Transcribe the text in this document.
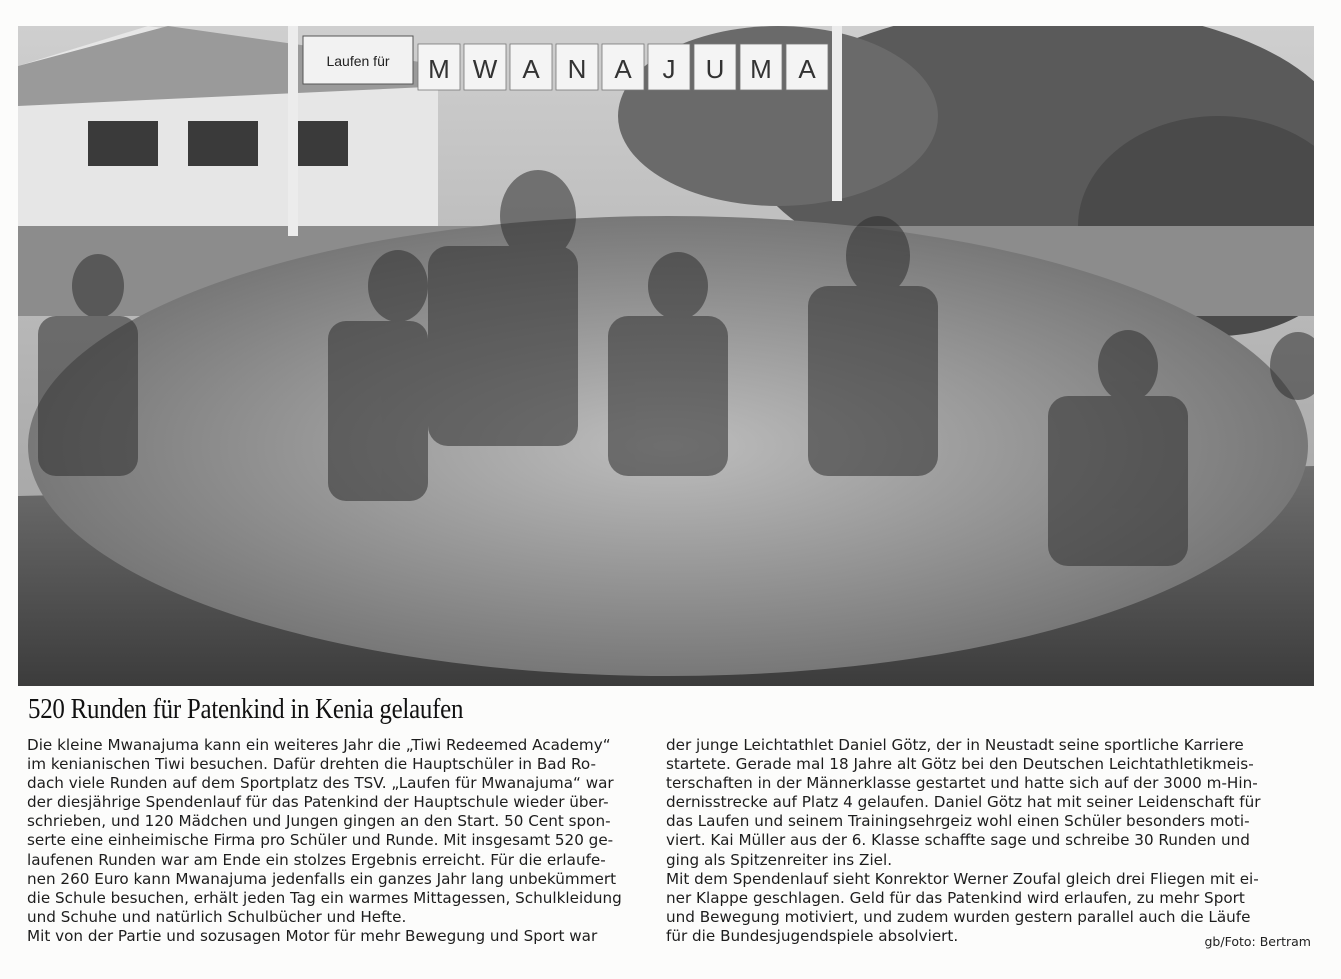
Laufen für M W A N A J U M A
520 Runden für Patenkind in Kenia gelaufen
Die kleine Mwanajuma kann ein weiteres Jahr die „Tiwi Redeemed Academy“
im kenianischen Tiwi besuchen. Dafür drehten die Hauptschüler in Bad Ro-
dach viele Runden auf dem Sportplatz des TSV. „Laufen für Mwanajuma“ war
der diesjährige Spendenlauf für das Patenkind der Hauptschule wieder über-
schrieben, und 120 Mädchen und Jungen gingen an den Start. 50 Cent spon-
serte eine einheimische Firma pro Schüler und Runde. Mit insgesamt 520 ge-
laufenen Runden war am Ende ein stolzes Ergebnis erreicht. Für die erlaufe-
nen 260 Euro kann Mwanajuma jedenfalls ein ganzes Jahr lang unbekümmert
die Schule besuchen, erhält jeden Tag ein warmes Mittagessen, Schulkleidung
und Schuhe und natürlich Schulbücher und Hefte.
Mit von der Partie und sozusagen Motor für mehr Bewegung und Sport war
der junge Leichtathlet Daniel Götz, der in Neustadt seine sportliche Karriere
startete. Gerade mal 18 Jahre alt Götz bei den Deutschen Leichtathletikmeis-
terschaften in der Männerklasse gestartet und hatte sich auf der 3000 m-Hin-
dernisstrecke auf Platz 4 gelaufen. Daniel Götz hat mit seiner Leidenschaft für
das Laufen und seinem Trainingsehrgeiz wohl einen Schüler besonders moti-
viert. Kai Müller aus der 6. Klasse schaffte sage und schreibe 30 Runden und
ging als Spitzenreiter ins Ziel.
Mit dem Spendenlauf sieht Konrektor Werner Zoufal gleich drei Fliegen mit ei-
ner Klappe geschlagen. Geld für das Patenkind wird erlaufen, zu mehr Sport
und Bewegung motiviert, und zudem wurden gestern parallel auch die Läufe
für die Bundesjugendspiele absolviert.	gb/Foto: Bertram
